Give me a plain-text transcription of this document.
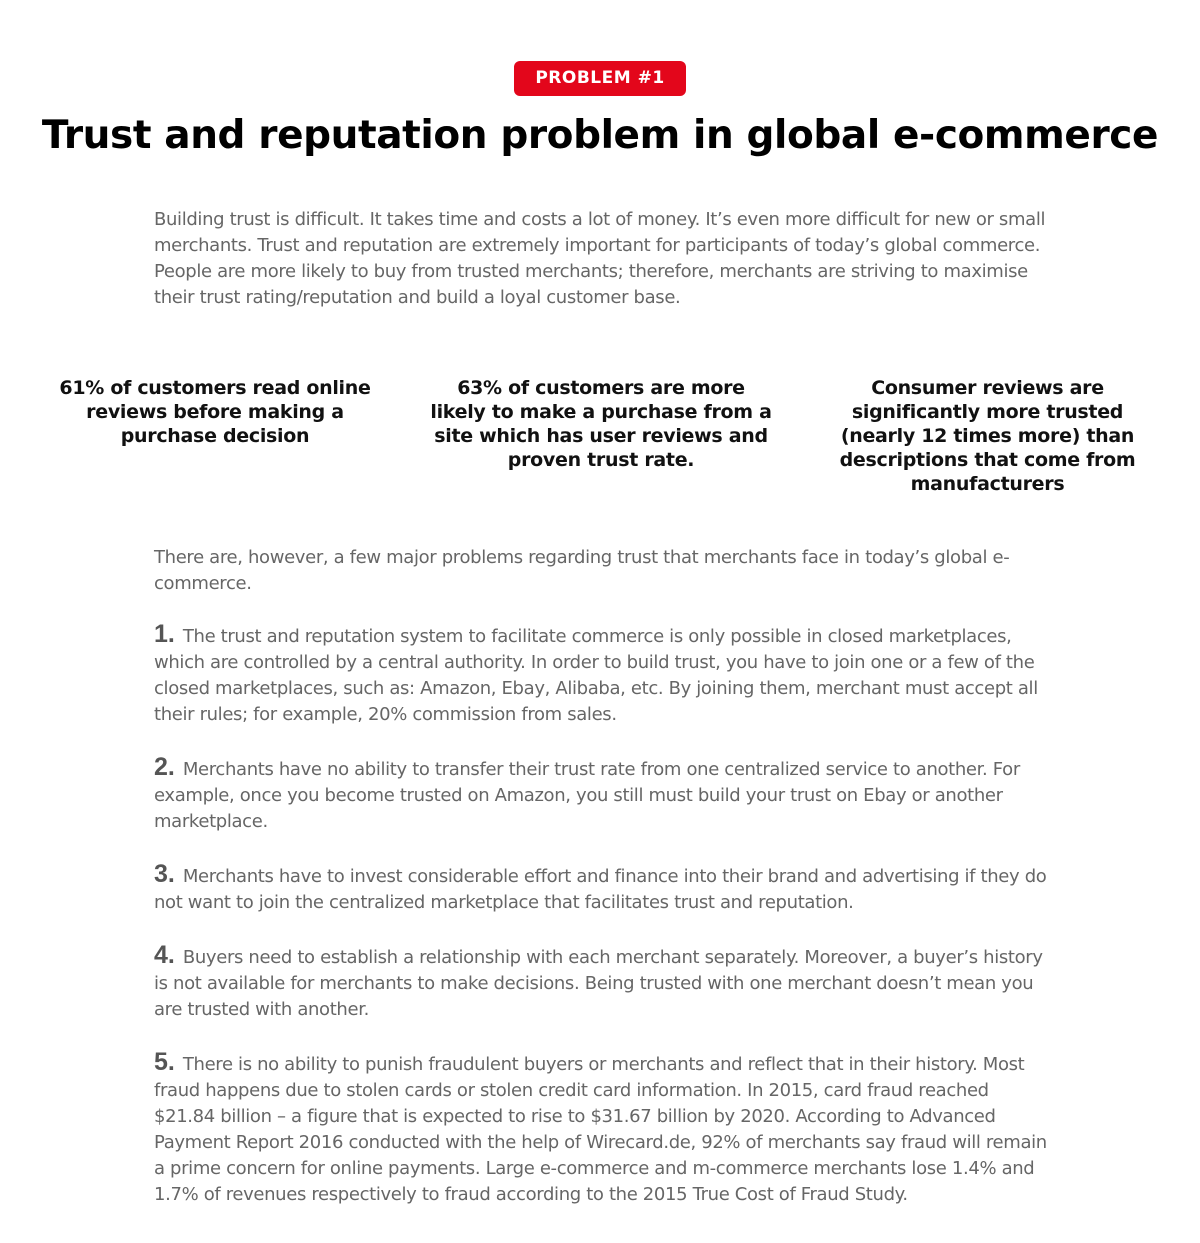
PROBLEM #1
Trust and reputation problem in global e-commerce

Building trust is difficult. It takes time and costs a lot of money. It’s even more difficult for new or small merchants. Trust and reputation are extremely important for participants of today’s global commerce. People are more likely to buy from trusted merchants; therefore, merchants are striving to maximise their trust rating/reputation and build a loyal customer base.

61% of customers read online reviews before making a purchase decision

63% of customers are more likely to make a purchase from a site which has user reviews and proven trust rate.

Consumer reviews are significantly more trusted (nearly 12 times more) than descriptions that come from manufacturers

There are, however, a few major problems regarding trust that merchants face in today’s global e-commerce.

1. The trust and reputation system to facilitate commerce is only possible in closed marketplaces, which are controlled by a central authority. In order to build trust, you have to join one or a few of the closed marketplaces, such as: Amazon, Ebay, Alibaba, etc. By joining them, merchant must accept all their rules; for example, 20% commission from sales.

2. Merchants have no ability to transfer their trust rate from one centralized service to another. For example, once you become trusted on Amazon, you still must build your trust on Ebay or another marketplace.

3. Merchants have to invest considerable effort and finance into their brand and advertising if they do not want to join the centralized marketplace that facilitates trust and reputation.

4. Buyers need to establish a relationship with each merchant separately. Moreover, a buyer’s history is not available for merchants to make decisions. Being trusted with one merchant doesn’t mean you are trusted with another.

5. There is no ability to punish fraudulent buyers or merchants and reflect that in their history. Most fraud happens due to stolen cards or stolen credit card information. In 2015, card fraud reached $21.84 billion – a figure that is expected to rise to $31.67 billion by 2020. According to Advanced Payment Report 2016 conducted with the help of Wirecard.de, 92% of merchants say fraud will remain a prime concern for online payments. Large e-commerce and m-commerce merchants lose 1.4% and 1.7% of revenues respectively to fraud according to the 2015 True Cost of Fraud Study.
